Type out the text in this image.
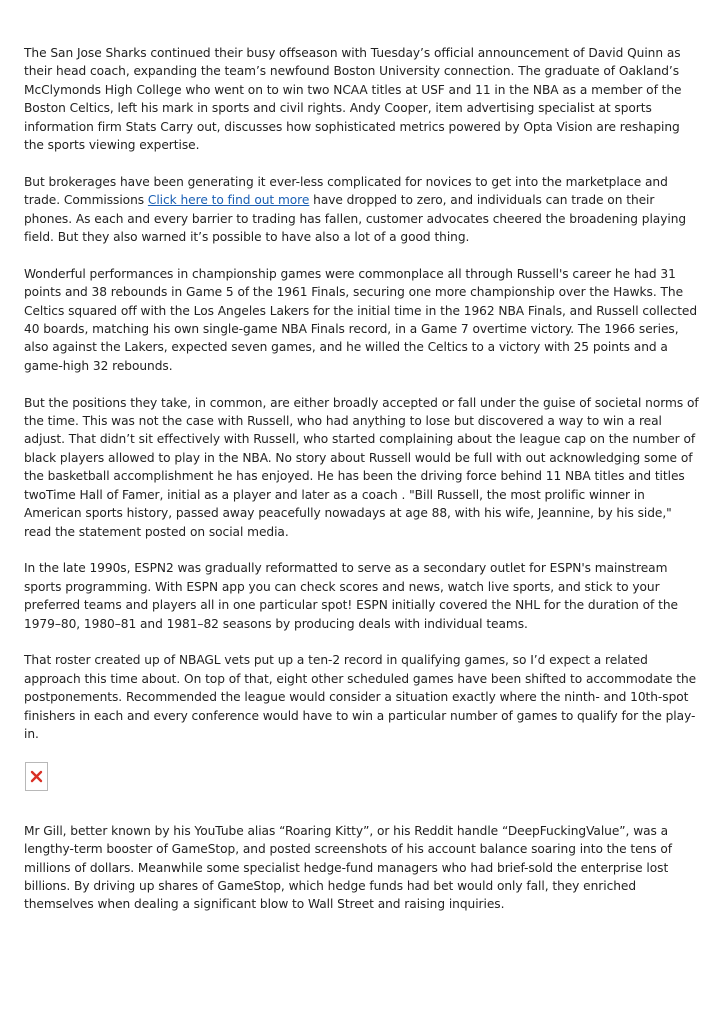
The San Jose Sharks continued their busy offseason with Tuesday’s official announcement of David Quinn as their head coach, expanding the team’s newfound Boston University connection. The graduate of Oakland’s McClymonds High College who went on to win two NCAA titles at USF and 11 in the NBA as a member of the Boston Celtics, left his mark in sports and civil rights. Andy Cooper, item advertising specialist at sports information firm Stats Carry out, discusses how sophisticated metrics powered by Opta Vision are reshaping the sports viewing expertise.

But brokerages have been generating it ever-less complicated for novices to get into the marketplace and trade. Commissions Click here to find out more have dropped to zero, and individuals can trade on their phones. As each and every barrier to trading has fallen, customer advocates cheered the broadening playing field. But they also warned it’s possible to have also a lot of a good thing.

Wonderful performances in championship games were commonplace all through Russell's career he had 31 points and 38 rebounds in Game 5 of the 1961 Finals, securing one more championship over the Hawks. The Celtics squared off with the Los Angeles Lakers for the initial time in the 1962 NBA Finals, and Russell collected 40 boards, matching his own single-game NBA Finals record, in a Game 7 overtime victory. The 1966 series, also against the Lakers, expected seven games, and he willed the Celtics to a victory with 25 points and a game-high 32 rebounds.

But the positions they take, in common, are either broadly accepted or fall under the guise of societal norms of the time. This was not the case with Russell, who had anything to lose but discovered a way to win a real adjust. That didn’t sit effectively with Russell, who started complaining about the league cap on the number of black players allowed to play in the NBA. No story about Russell would be full with out acknowledging some of the basketball accomplishment he has enjoyed. He has been the driving force behind 11 NBA titles and titles twoTime Hall of Famer, initial as a player and later as a coach . "Bill Russell, the most prolific winner in American sports history, passed away peacefully nowadays at age 88, with his wife, Jeannine, by his side," read the statement posted on social media.

In the late 1990s, ESPN2 was gradually reformatted to serve as a secondary outlet for ESPN's mainstream sports programming. With ESPN app you can check scores and news, watch live sports, and stick to your preferred teams and players all in one particular spot! ESPN initially covered the NHL for the duration of the 1979–80, 1980–81 and 1981–82 seasons by producing deals with individual teams.

That roster created up of NBAGL vets put up a ten-2 record in qualifying games, so I’d expect a related approach this time about. On top of that, eight other scheduled games have been shifted to accommodate the postponements. Recommended the league would consider a situation exactly where the ninth- and 10th-spot finishers in each and every conference would have to win a particular number of games to qualify for the play-in.

Mr Gill, better known by his YouTube alias “Roaring Kitty”, or his Reddit handle “DeepFuckingValue”, was a lengthy-term booster of GameStop, and posted screenshots of his account balance soaring into the tens of millions of dollars. Meanwhile some specialist hedge-fund managers who had brief-sold the enterprise lost billions. By driving up shares of GameStop, which hedge funds had bet would only fall, they enriched themselves when dealing a significant blow to Wall Street and raising inquiries.
